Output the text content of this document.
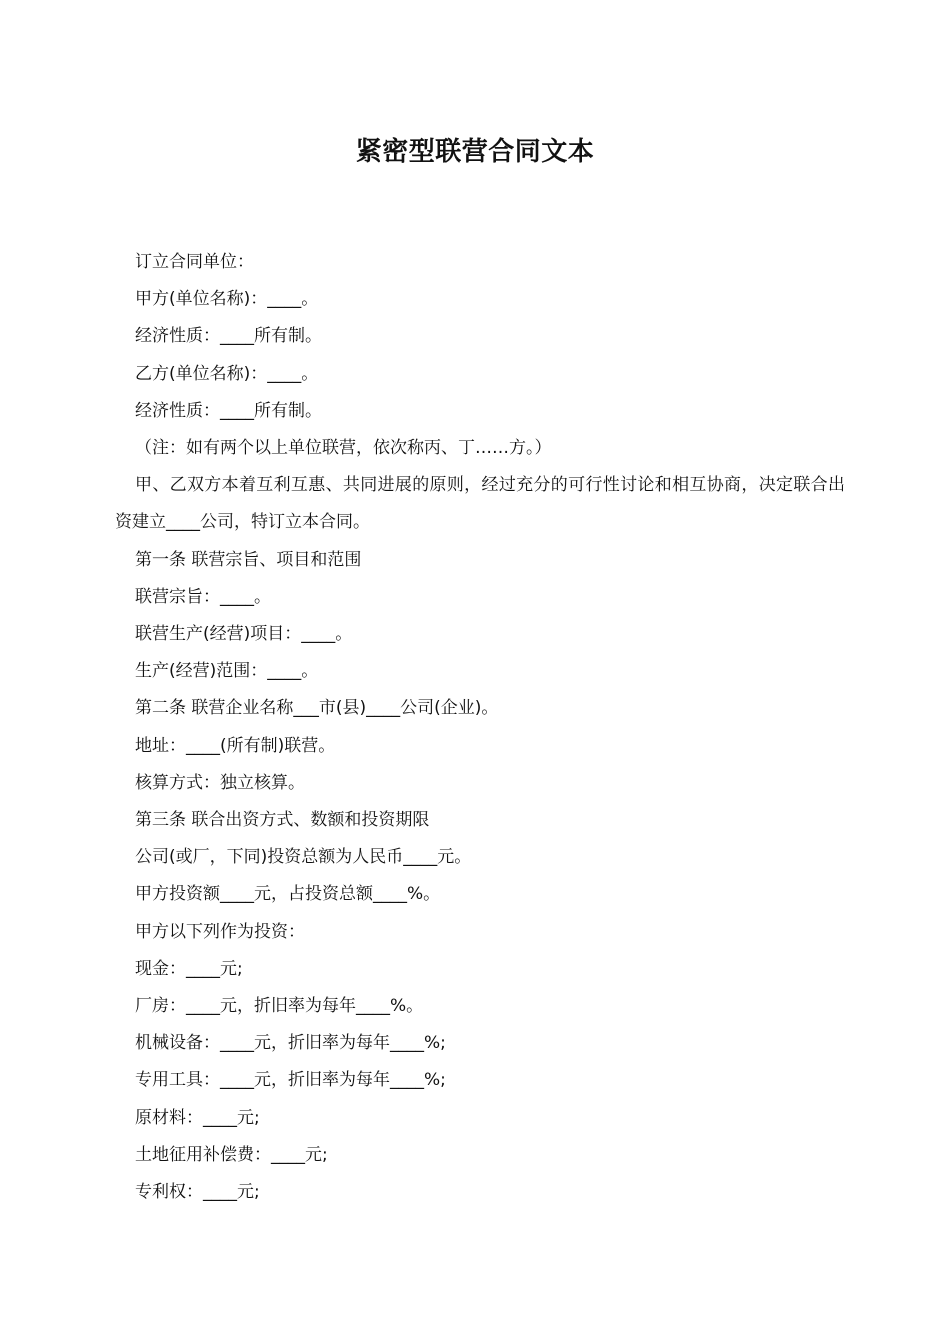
紧密型联营合同文本

订立合同单位：

甲方(单位名称)：____。

经济性质：____所有制。

乙方(单位名称)：____。

经济性质：____所有制。

（注：如有两个以上单位联营，依次称丙、丁……方。）

甲、乙双方本着互利互惠、共同进展的原则，经过充分的可行性讨论和相互协商，决定联合出资建立____公司，特订立本合同。

第一条 联营宗旨、项目和范围

联营宗旨：____。

联营生产(经营)项目：____。

生产(经营)范围：____。

第二条 联营企业名称___市(县)____公司(企业)。

地址：____(所有制)联营。

核算方式：独立核算。

第三条 联合出资方式、数额和投资期限

公司(或厂，下同)投资总额为人民币____元。

甲方投资额____元，占投资总额____%。

甲方以下列作为投资：

现金：____元;

厂房：____元，折旧率为每年____%。

机械设备：____元，折旧率为每年____%;

专用工具：____元，折旧率为每年____%;

原材料：____元;

土地征用补偿费：____元;

专利权：____元;
